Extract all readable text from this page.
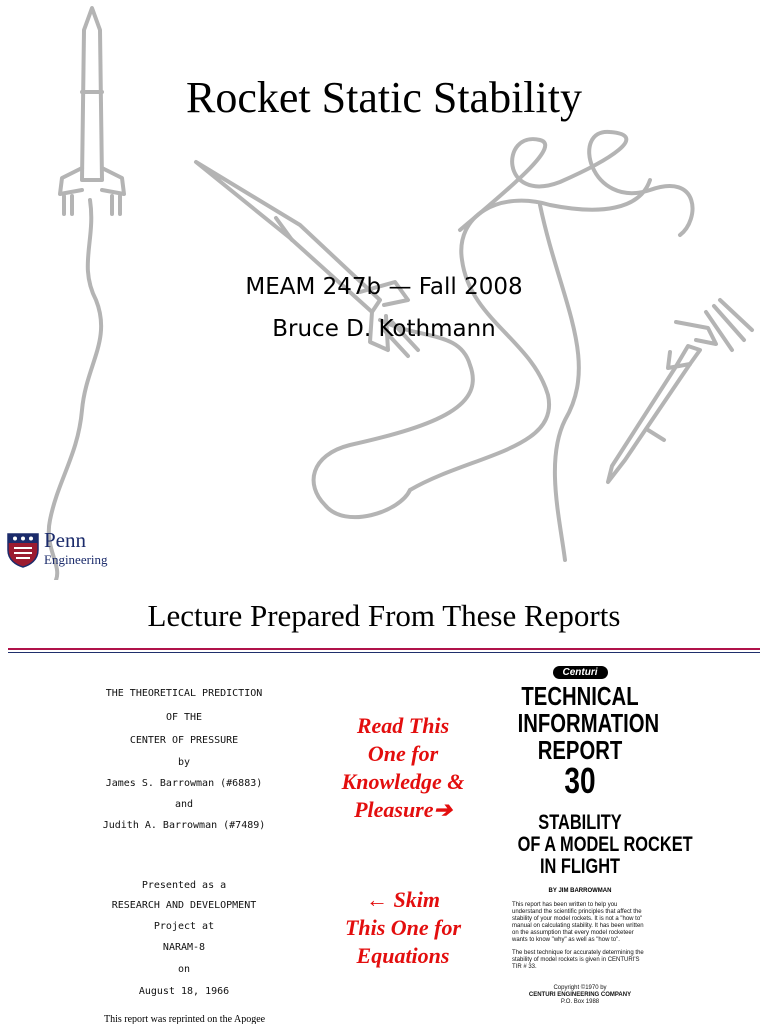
Rocket Static Stability
MEAM 247b — Fall 2008
Bruce D. Kothmann
Penn
Engineering
Lecture Prepared From These Reports
THE THEORETICAL PREDICTION
OF THE
CENTER OF PRESSURE
by
James S. Barrowman (#6883)
and
Judith A. Barrowman (#7489)
Presented as a
RESEARCH AND DEVELOPMENT
Project at
NARAM-8
on
August 18, 1966
This report was reprinted on the Apogee
Read This
One for
Knowledge &
Pleasure➔
← Skim
This One for
Equations
Centuri
TECHNICAL
INFORMATION
REPORT
30
STABILITY
OF A MODEL ROCKET
IN FLIGHT
BY JIM BARROWMAN
This report has been written to help you understand the scientific principles that affect the stability of your model rockets. It is not a "how to" manual on calculating stability. It has been written on the assumption that every model rocketeer wants to know "why" as well as "how to".
The best technique for accurately determining the stability of model rockets is given in CENTURI'S TIR # 33.
Copyright ©1970 by
CENTURI ENGINEERING COMPANY
P.O. Box 1988
